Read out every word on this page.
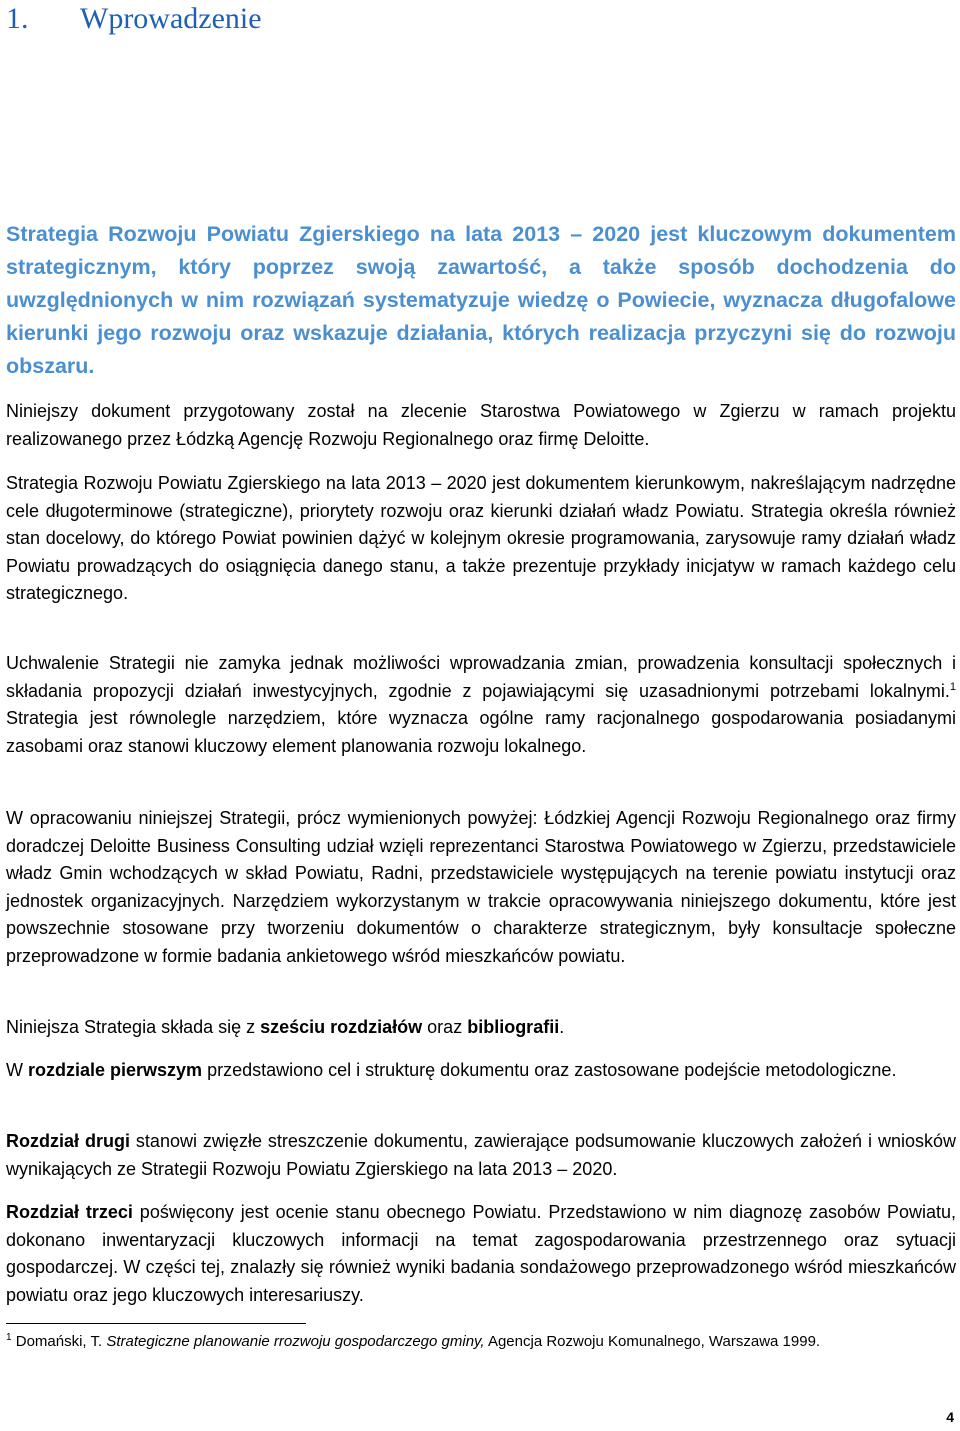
1. Wprowadzenie

Strategia Rozwoju Powiatu Zgierskiego na lata 2013 – 2020 jest kluczowym dokumentem strategicznym, który poprzez swoją zawartość, a także sposób dochodzenia do uwzględnionych w nim rozwiązań systematyzuje wiedzę o Powiecie, wyznacza długofalowe kierunki jego rozwoju oraz wskazuje działania, których realizacja przyczyni się do rozwoju obszaru.

Niniejszy dokument przygotowany został na zlecenie Starostwa Powiatowego w Zgierzu w ramach projektu realizowanego przez Łódzką Agencję Rozwoju Regionalnego oraz firmę Deloitte.

Strategia Rozwoju Powiatu Zgierskiego na lata 2013 – 2020 jest dokumentem kierunkowym, nakreślającym nadrzędne cele długoterminowe (strategiczne), priorytety rozwoju oraz kierunki działań władz Powiatu. Strategia określa również stan docelowy, do którego Powiat powinien dążyć w kolejnym okresie programowania, zarysowuje ramy działań władz Powiatu prowadzących do osiągnięcia danego stanu, a także prezentuje przykłady inicjatyw w ramach każdego celu strategicznego.

Uchwalenie Strategii nie zamyka jednak możliwości wprowadzania zmian, prowadzenia konsultacji społecznych i składania propozycji działań inwestycyjnych, zgodnie z pojawiającymi się uzasadnionymi potrzebami lokalnymi.$^1$ Strategia jest równolegle narzędziem, które wyznacza ogólne ramy racjonalnego gospodarowania posiadanymi zasobami oraz stanowi kluczowy element planowania rozwoju lokalnego.

W opracowaniu niniejszej Strategii, prócz wymienionych powyżej: Łódzkiej Agencji Rozwoju Regionalnego oraz firmy doradczej Deloitte Business Consulting udział wzięli reprezentanci Starostwa Powiatowego w Zgierzu, przedstawiciele władz Gmin wchodzących w skład Powiatu, Radni, przedstawiciele występujących na terenie powiatu instytucji oraz jednostek organizacyjnych. Narzędziem wykorzystanym w trakcie opracowywania niniejszego dokumentu, które jest powszechnie stosowane przy tworzeniu dokumentów o charakterze strategicznym, były konsultacje społeczne przeprowadzone w formie badania ankietowego wśród mieszkańców powiatu.

Niniejsza Strategia składa się z sześciu rozdziałów oraz bibliografii.

W rozdziale pierwszym przedstawiono cel i strukturę dokumentu oraz zastosowane podejście metodologiczne.

Rozdział drugi stanowi zwięzłe streszczenie dokumentu, zawierające podsumowanie kluczowych założeń i wniosków wynikających ze Strategii Rozwoju Powiatu Zgierskiego na lata 2013 – 2020.

Rozdział trzeci poświęcony jest ocenie stanu obecnego Powiatu. Przedstawiono w nim diagnozę zasobów Powiatu, dokonano inwentaryzacji kluczowych informacji na temat zagospodarowania przestrzennego oraz sytuacji gospodarczej. W części tej, znalazły się również wyniki badania sondażowego przeprowadzonego wśród mieszkańców powiatu oraz jego kluczowych interesariuszy.

$^1$ Domański, T. Strategiczne planowanie rrozwoju gospodarczego gminy, Agencja Rozwoju Komunalnego, Warszawa 1999.

4
